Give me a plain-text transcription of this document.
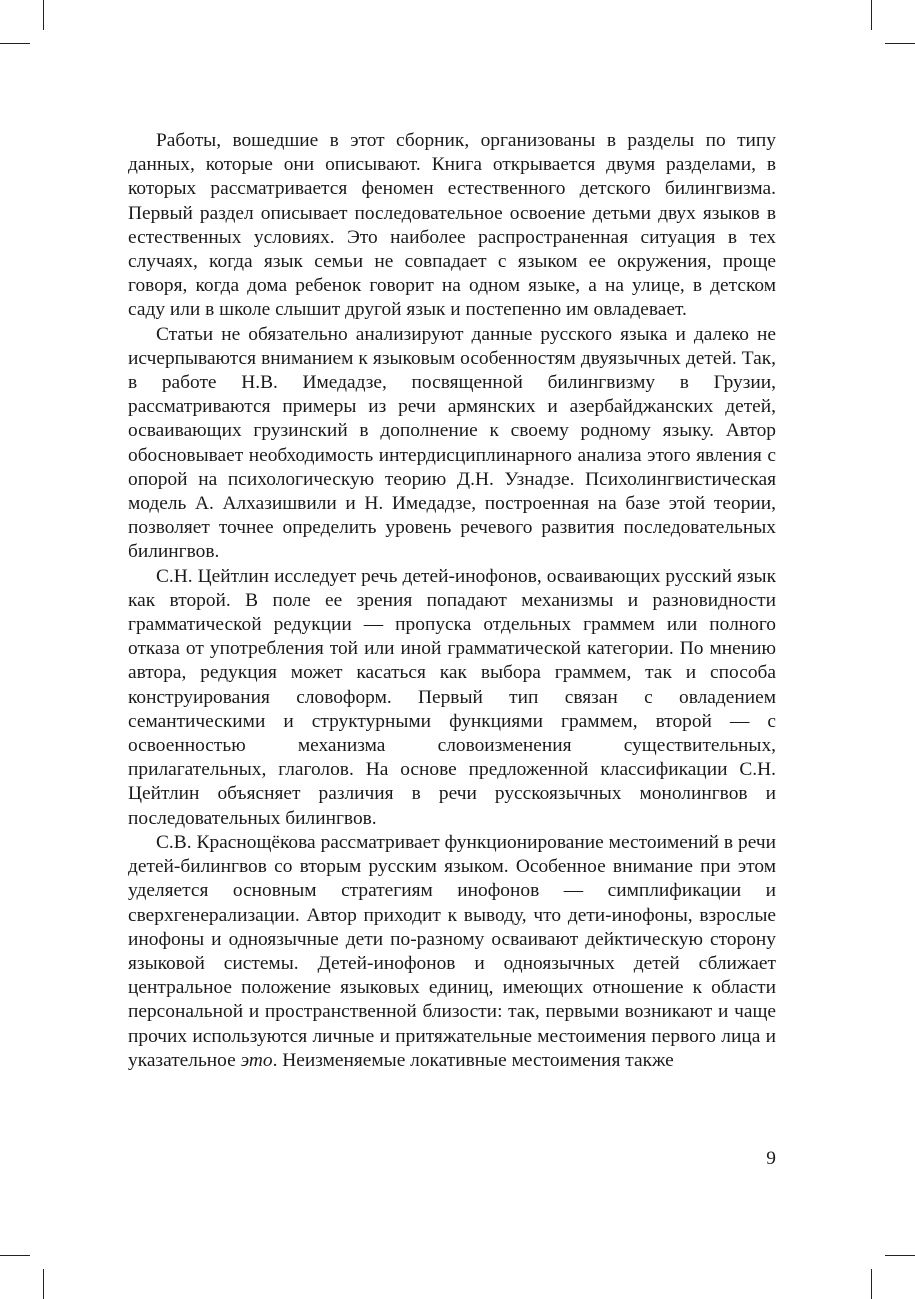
Работы, вошедшие в этот сборник, организованы в разделы по типу данных, которые они описывают. Книга открывается двумя разделами, в которых рассматривается феномен естественного детского билингвизма. Первый раздел описывает последовательное освоение детьми двух языков в естественных условиях. Это наиболее распространенная ситуация в тех случаях, когда язык семьи не совпадает с языком ее окружения, проще говоря, когда дома ребенок говорит на одном языке, а на улице, в детском саду или в школе слышит другой язык и постепенно им овладевает.

Статьи не обязательно анализируют данные русского языка и далеко не исчерпываются вниманием к языковым особенностям двуязычных детей. Так, в работе Н.В. Имедадзе, посвященной билингвизму в Грузии, рассматриваются примеры из речи армянских и азербайджанских детей, осваивающих грузинский в дополнение к своему родному языку. Автор обосновывает необходимость интердисциплинарного анализа этого явления с опорой на психологическую теорию Д.Н. Узнадзе. Психолингвистическая модель А. Алхазишвили и Н. Имедадзе, построенная на базе этой теории, позволяет точнее определить уровень речевого развития последовательных билингвов.

С.Н. Цейтлин исследует речь детей-инофонов, осваивающих русский язык как второй. В поле ее зрения попадают механизмы и разновидности грамматической редукции — пропуска отдельных граммем или полного отказа от употребления той или иной грамматической категории. По мнению автора, редукция может касаться как выбора граммем, так и способа конструирования словоформ. Первый тип связан с овладением семантическими и структурными функциями граммем, второй — с освоенностью механизма словоизменения существительных, прилагательных, глаголов. На основе предложенной классификации С.Н. Цейтлин объясняет различия в речи русскоязычных монолингвов и последовательных билингвов.

С.В. Краснощёкова рассматривает функционирование местоимений в речи детей-билингвов со вторым русским языком. Особенное внимание при этом уделяется основным стратегиям инофонов — симплификации и сверхгенерализации. Автор приходит к выводу, что дети-инофоны, взрослые инофоны и одноязычные дети по-разному осваивают дейктическую сторону языковой системы. Детей-инофонов и одноязычных детей сближает центральное положение языковых единиц, имеющих отношение к области персональной и пространственной близости: так, первыми возникают и чаще прочих используются личные и притяжательные местоимения первого лица и указательное это. Неизменяемые локативные местоимения также

9
